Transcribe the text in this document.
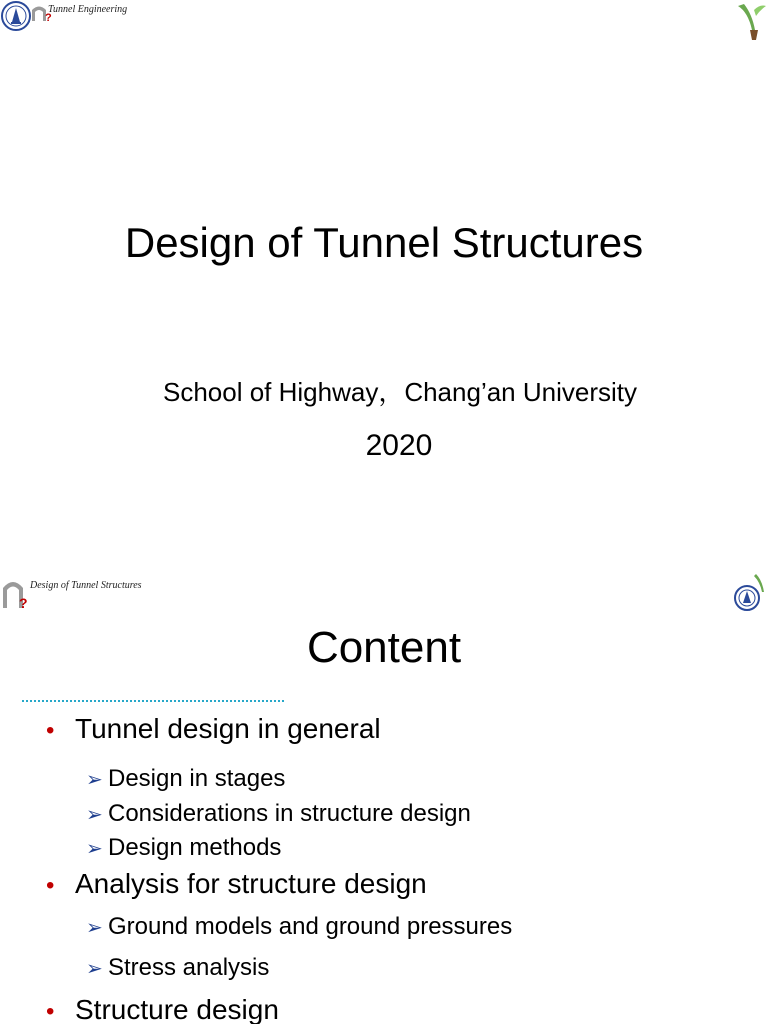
?
Tunnel Engineering
Design of Tunnel Structures
School of Highway，Chang’an University
2020
?
Design of Tunnel Structures
Content
• Tunnel design in general
➢ Design in stages
➢ Considerations in structure design
➢ Design methods
• Analysis for structure design
➢ Ground models and ground pressures
➢ Stress analysis
• Structure design
